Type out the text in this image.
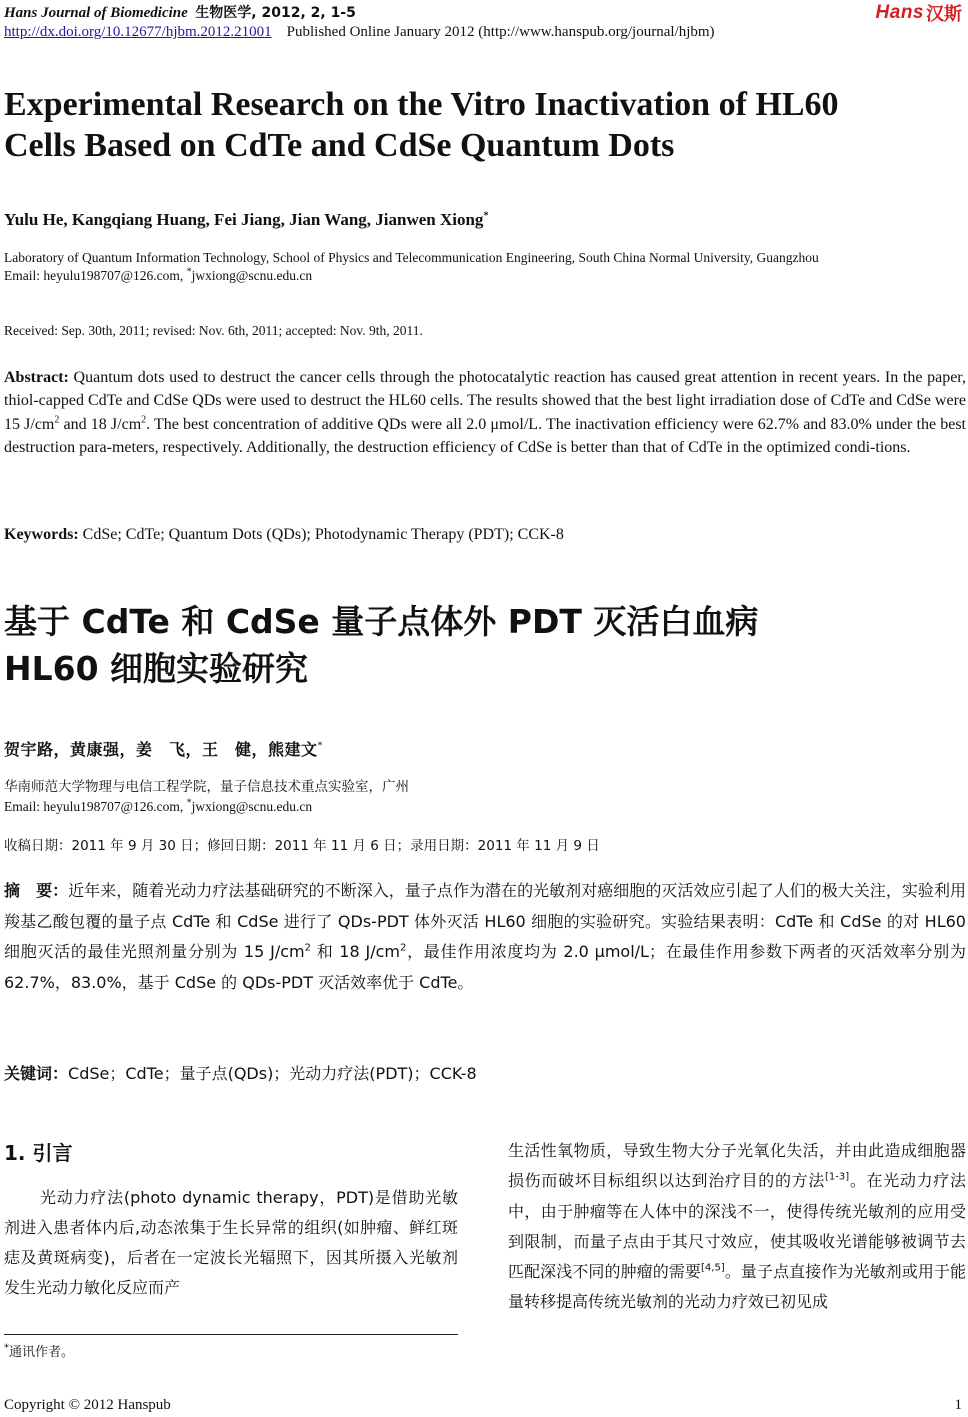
Hans Journal of Biomedicine 生物医学, 2012, 2, 1-5
http://dx.doi.org/10.12677/hjbm.2012.21001 Published Online January 2012 (http://www.hanspub.org/journal/hjbm)
Hans 汉斯
Experimental Research on the Vitro Inactivation of HL60 Cells Based on CdTe and CdSe Quantum Dots
Yulu He, Kangqiang Huang, Fei Jiang, Jian Wang, Jianwen Xiong*
Laboratory of Quantum Information Technology, School of Physics and Telecommunication Engineering, South China Normal University, Guangzhou
Email: heyulu198707@126.com, *jwxiong@scnu.edu.cn
Received: Sep. 30th, 2011; revised: Nov. 6th, 2011; accepted: Nov. 9th, 2011.
Abstract: Quantum dots used to destruct the cancer cells through the photocatalytic reaction has caused great attention in recent years. In the paper, thiol-capped CdTe and CdSe QDs were used to destruct the HL60 cells. The results showed that the best light irradiation dose of CdTe and CdSe were 15 $J/cm^2$ and 18 $J/cm^2$. The best concentration of additive QDs were all 2.0 μmol/L. The inactivation efficiency were 62.7% and 83.0% under the best destruction para-meters, respectively. Additionally, the destruction efficiency of CdSe is better than that of CdTe in the optimized condi-tions.
Keywords: CdSe; CdTe; Quantum Dots (QDs); Photodynamic Therapy (PDT); CCK-8
基于 CdTe 和 CdSe 量子点体外 PDT 灭活白血病
HL60 细胞实验研究
贺宇路，黄康强，姜　飞，王　健，熊建文*
华南师范大学物理与电信工程学院，量子信息技术重点实验室，广州
Email: heyulu198707@126.com, *jwxiong@scnu.edu.cn
收稿日期：2011 年 9 月 30 日；修回日期：2011 年 11 月 6 日；录用日期：2011 年 11 月 9 日
摘　要：近年来，随着光动力疗法基础研究的不断深入，量子点作为潜在的光敏剂对癌细胞的灭活效应引起了人们的极大关注，实验利用羧基乙酸包覆的量子点 CdTe 和 CdSe 进行了 QDs-PDT 体外灭活 HL60 细胞的实验研究。实验结果表明：CdTe 和 CdSe 的对 HL60 细胞灭活的最佳光照剂量分别为 15 $J/cm^2$ 和 18 $J/cm^2$，最佳作用浓度均为 2.0 μmol/L；在最佳作用参数下两者的灭活效率分别为 62.7%，83.0%，基于 CdSe 的 QDs-PDT 灭活效率优于 CdTe。
关键词：CdSe；CdTe；量子点(QDs)；光动力疗法(PDT)；CCK-8
1. 引言
光动力疗法(photo dynamic therapy，PDT)是借助光敏剂进入患者体内后,动态浓集于生长异常的组织(如肿瘤、鲜红斑痣及黄斑病变)，后者在一定波长光辐照下，因其所摄入光敏剂发生光动力敏化反应而产
生活性氧物质，导致生物大分子光氧化失活，并由此造成细胞器损伤而破坏目标组织以达到治疗目的的方法[1-3]。在光动力疗法中，由于肿瘤等在人体中的深浅不一，使得传统光敏剂的应用受到限制，而量子点由于其尺寸效应，使其吸收光谱能够被调节去匹配深浅不同的肿瘤的需要[4,5]。量子点直接作为光敏剂或用于能量转移提高传统光敏剂的光动力疗效已初见成
*通讯作者。
Copyright © 2012 Hanspub	1
